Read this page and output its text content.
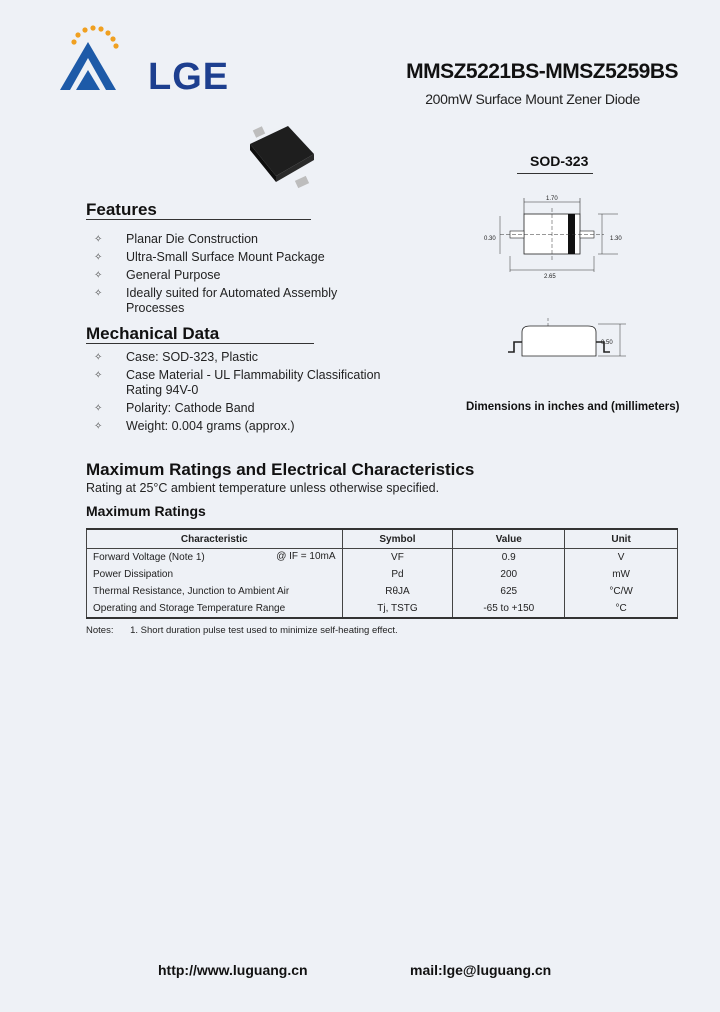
LGE	MMSZ5221BS-MMSZ5259BS
200mW Surface Mount Zener Diode
Features
✧ Planar Die Construction
✧ Ultra-Small Surface Mount Package
✧ General Purpose
✧ Ideally suited for Automated Assembly
Processes
Mechanical Data
✧ Case: SOD-323, Plastic
✧ Case Material - UL Flammability Classification
Rating 94V-0
✧ Polarity: Cathode Band
✧ Weight: 0.004 grams (approx.)
SOD-323
1.70
0.30	1.30
2.65
0.50
Dimensions in inches and (millimeters)
Maximum Ratings and Electrical Characteristics
Rating at 25°C ambient temperature unless otherwise specified.
Maximum Ratings
Characteristic	Symbol	Value	Unit
Forward Voltage (Note 1) @ IF = 10mA	VF	0.9	V
Power Dissipation	Pd	200	mW
Thermal Resistance, Junction to Ambient Air	RθJA	625	°C/W
Operating and Storage Temperature Range	Tj, TSTG	-65 to +150	°C
Notes: 1. Short duration pulse test used to minimize self-heating effect.
http://www.luguang.cn	mail:lge@luguang.cn
